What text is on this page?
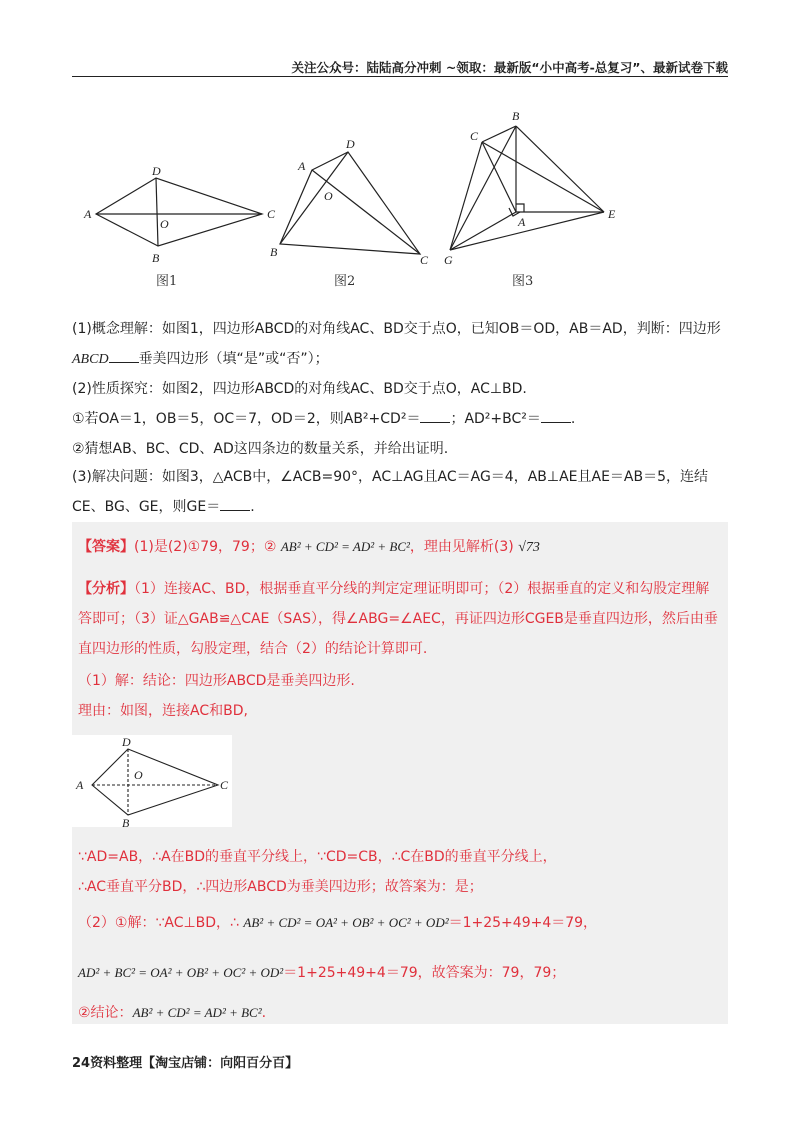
关注公众号：陆陆高分冲刺 ~领取：最新版“小中高考-总复习”、最新试卷下载
A
B
C
D
O
A
B
C
D
O
A
B
C
E
G
图1	图2	图3
(1)概念理解：如图1，四边形ABCD的对角线AC、BD交于点O，已知OB＝OD，AB＝AD，判断：四边形
ABCD 垂美四边形（填“是”或“否”）；
(2)性质探究：如图2，四边形ABCD的对角线AC、BD交于点O，AC⊥BD.
①若OA＝1，OB＝5，OC＝7，OD＝2，则AB²+CD²＝ ；AD²+BC²＝ .
②猜想AB、BC、CD、AD这四条边的数量关系，并给出证明.
(3)解决问题：如图3，△ACB中，∠ACB=90°，AC⊥AG且AC＝AG＝4，AB⊥AE且AE＝AB＝5，连结
CE、BG、GE，则GE＝ .
【答案】(1)是(2)①79，79；② AB² + CD² = AD² + BC²，理由见解析(3) √73
【分析】（1）连接AC、BD，根据垂直平分线的判定定理证明即可；（2）根据垂直的定义和勾股定理解
答即可；（3）证△GAB≌△CAE（SAS），得∠ABG=∠AEC，再证四边形CGEB是垂直四边形，然后由垂
直四边形的性质，勾股定理，结合（2）的结论计算即可.
（1）解：结论：四边形ABCD是垂美四边形.
理由：如图，连接AC和BD,
A
B
C
D
O
∵AD=AB，∴A在BD的垂直平分线上，∵CD=CB，∴C在BD的垂直平分线上，
∴AC垂直平分BD，∴四边形ABCD为垂美四边形；故答案为：是；
（2）①解：∵AC⊥BD，∴ AB² + CD² = OA² + OB² + OC² + OD²＝1+25+49+4＝79，
AD² + BC² = OA² + OB² + OC² + OD²＝1+25+49+4＝79，故答案为：79，79；
②结论：AB² + CD² = AD² + BC².
24资料整理【淘宝店铺：向阳百分百】
